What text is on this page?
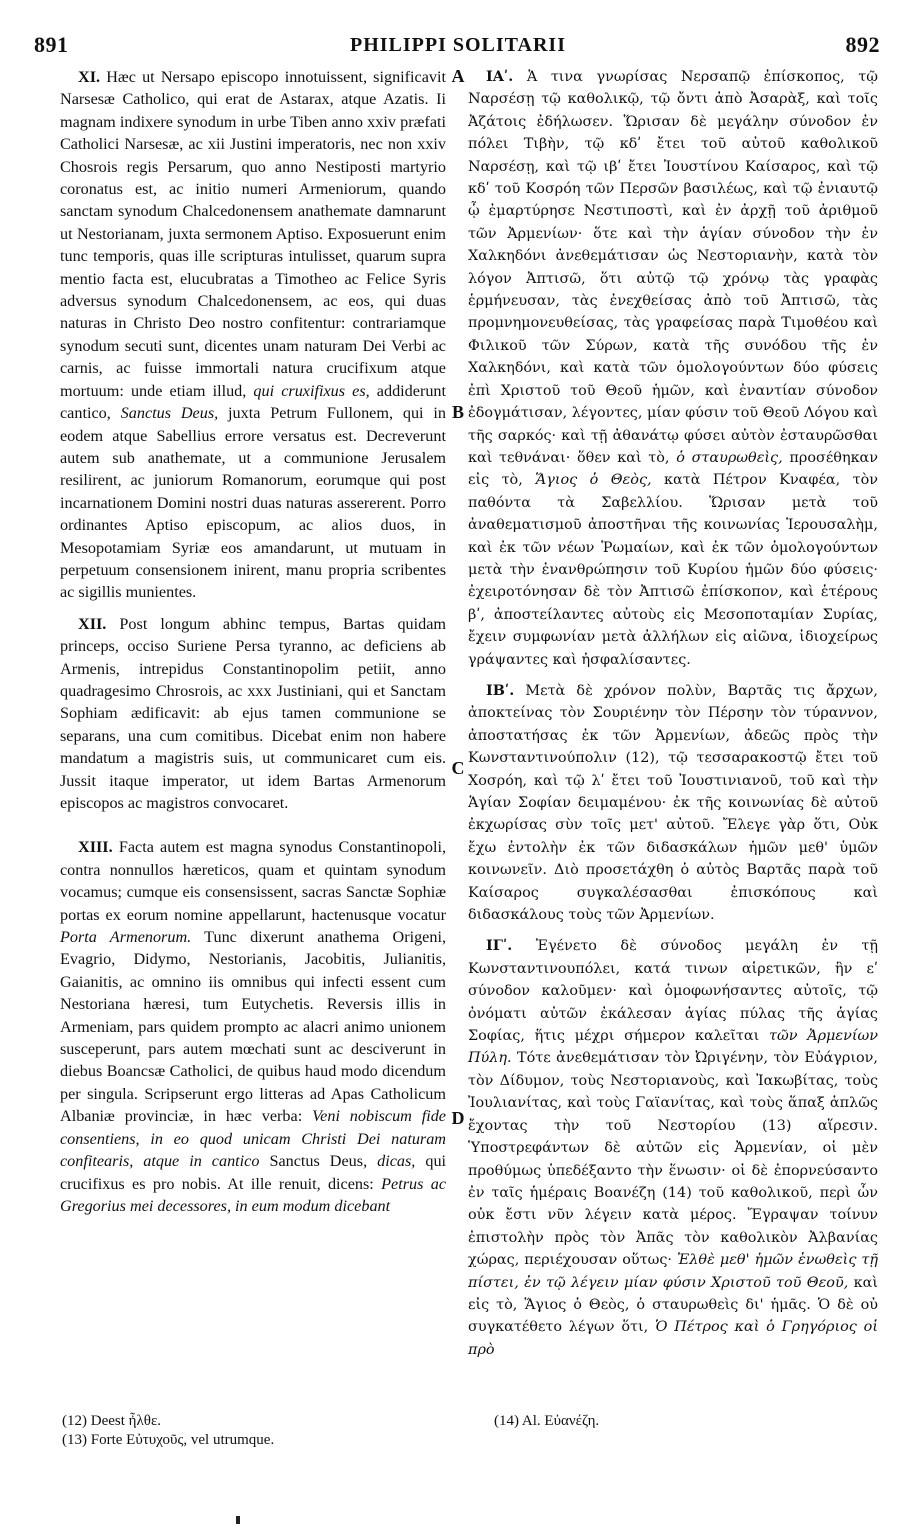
891	PHILIPPI SOLITARII	892

XI. Hæc ut Nersapo episcopo innotuissent, significavit Narsesæ Catholico, qui erat de Astarax, atque Azatis. Ii magnam indixere synodum in urbe Tiben anno xxiv præfati Catholici Narsesæ, ac xii Justini imperatoris, nec non xxiv Chosrois regis Persarum, quo anno Nestiposti martyrio coronatus est, ac initio numeri Armeniorum, quando sanctam synodum Chalcedonensem anathemate damnarunt ut Nestorianam, juxta sermonem Aptiso. Exposuerunt enim tunc temporis, quas ille scripturas intulisset, quarum supra mentio facta est, elucubratas a Timotheo ac Felice Syris adversus synodum Chalcedonensem, ac eos, qui duas naturas in Christo Deo nostro confitentur: contrariamque synodum secuti sunt, dicentes unam naturam Dei Verbi ac carnis, ac fuisse immortali natura crucifixum atque mortuum: unde etiam illud, qui cruxifixus es, addiderunt cantico, Sanctus Deus, juxta Petrum Fullonem, qui in eodem atque Sabellius errore versatus est. Decreverunt autem sub anathemate, ut a communione Jerusalem resilirent, ac juniorum Romanorum, eorumque qui post incarnationem Domini nostri duas naturas assererent. Porro ordinantes Aptiso episcopum, ac alios duos, in Mesopotamiam Syriæ eos amandarunt, ut mutuam in perpetuum consensionem inirent, manu propria scribentes ac sigillis munientes.

XII. Post longum abhinc tempus, Bartas quidam princeps, occiso Suriene Persa tyranno, ac deficiens ab Armenis, intrepidus Constantinopolim petiit, anno quadragesimo Chrosrois, ac xxx Justiniani, qui et Sanctam Sophiam ædificavit: ab ejus tamen communione se separans, una cum comitibus. Dicebat enim non habere mandatum a magistris suis, ut communicaret cum eis. Jussit itaque imperator, ut idem Bartas Armenorum episcopos ac magistros convocaret.

XIII. Facta autem est magna synodus Constantinopoli, contra nonnullos hæreticos, quam et quintam synodum vocamus; cumque eis consensissent, sacras Sanctæ Sophiæ portas ex eorum nomine appellarunt, hactenusque vocatur Porta Armenorum. Tunc dixerunt anathema Origeni, Evagrio, Didymo, Nestorianis, Jacobitis, Julianitis, Gaianitis, ac omnino iis omnibus qui infecti essent cum Nestoriana hæresi, tum Eutychetis. Reversis illis in Armeniam, pars quidem prompto ac alacri animo unionem susceperunt, pars autem mœchati sunt ac desciverunt in diebus Boancsæ Catholici, de quibus haud modo dicendum per singula. Scripserunt ergo litteras ad Apas Catholicum Albaniæ provinciæ, in hæc verba: Veni nobiscum fide consentiens, in eo quod unicam Christi Dei naturam confitearis, atque in cantico Sanctus Deus, dicas, qui crucifixus es pro nobis. At ille renuit, dicens: Petrus ac Gregorius mei decessores, in eum modum dicebant

A
B
C
D

ΙΑʹ. Ἁ τινα γνωρίσας Νερσαπῷ ἐπίσκοπος, τῷ Ναρσέσῃ τῷ καθολικῷ, τῷ ὄντι ἀπὸ Ἀσαρὰξ, καὶ τοῖς Ἀζάτοις ἐδήλωσεν. Ὥρισαν δὲ μεγάλην σύνοδον ἐν πόλει Τιβὴν, τῷ κδʹ ἔτει τοῦ αὐτοῦ καθολικοῦ Ναρσέσῃ, καὶ τῷ ιβʹ ἔτει Ἰουστίνου Καίσαρος, καὶ τῷ κδʹ τοῦ Κοσρόη τῶν Περσῶν βασιλέως, καὶ τῷ ἐνιαυτῷ ᾧ ἐμαρτύρησε Νεστιποστὶ, καὶ ἐν ἀρχῇ τοῦ ἀριθμοῦ τῶν Ἀρμενίων· ὅτε καὶ τὴν ἁγίαν σύνοδον τὴν ἐν Χαλκηδόνι ἀνεθεμάτισαν ὡς Νεστοριανὴν, κατὰ τὸν λόγον Ἀπτισῶ, ὅτι αὐτῷ τῷ χρόνῳ τὰς γραφὰς ἑρμήνευσαν, τὰς ἐνεχθείσας ἀπὸ τοῦ Ἀπτισῶ, τὰς προμνημονευθείσας, τὰς γραφείσας παρὰ Τιμοθέου καὶ Φιλικοῦ τῶν Σύρων, κατὰ τῆς συνόδου τῆς ἐν Χαλκηδόνι, καὶ κατὰ τῶν ὁμολογούντων δύο φύσεις ἐπὶ Χριστοῦ τοῦ Θεοῦ ἡμῶν, καὶ ἐναντίαν σύνοδον ἐδογμάτισαν, λέγοντες, μίαν φύσιν τοῦ Θεοῦ Λόγου καὶ τῆς σαρκός· καὶ τῇ ἀθανάτῳ φύσει αὐτὸν ἐσταυρῶσθαι καὶ τεθνάναι· ὅθεν καὶ τὸ, ὁ σταυρωθεὶς, προσέθηκαν εἰς τὸ, Ἅγιος ὁ Θεὸς, κατὰ Πέτρον Κναφέα, τὸν παθόντα τὰ Σαβελλίου. Ὥρισαν μετὰ τοῦ ἀναθεματισμοῦ ἀποστῆναι τῆς κοινωνίας Ἱερουσαλὴμ, καὶ ἐκ τῶν νέων Ῥωμαίων, καὶ ἐκ τῶν ὁμολογούντων μετὰ τὴν ἐνανθρώπησιν τοῦ Κυρίου ἡμῶν δύο φύσεις· ἐχειροτόνησαν δὲ τὸν Ἀπτισῶ ἐπίσκοπον, καὶ ἑτέρους βʹ, ἀποστείλαντες αὐτοὺς εἰς Μεσοποταμίαν Συρίας, ἔχειν συμφωνίαν μετὰ ἀλλήλων εἰς αἰῶνα, ἰδιοχείρως γράψαντες καὶ ἠσφαλίσαντες.

ΙΒʹ. Μετὰ δὲ χρόνον πολὺν, Βαρτᾶς τις ἄρχων, ἀποκτείνας τὸν Σουριένην τὸν Πέρσην τὸν τύραννον, ἀποστατήσας ἐκ τῶν Ἀρμενίων, ἀδεῶς πρὸς τὴν Κωνσταντινούπολιν (12), τῷ τεσσαρακοστῷ ἔτει τοῦ Χοσρόη, καὶ τῷ λʹ ἔτει τοῦ Ἰουστινιανοῦ, τοῦ καὶ τὴν Ἁγίαν Σοφίαν δειμαμένου· ἐκ τῆς κοινωνίας δὲ αὐτοῦ ἐκχωρίσας σὺν τοῖς μετ' αὐτοῦ. Ἔλεγε γὰρ ὅτι, Οὐκ ἔχω ἐντολὴν ἐκ τῶν διδασκάλων ἡμῶν μεθ' ὑμῶν κοινωνεῖν. Διὸ προσετάχθη ὁ αὐτὸς Βαρτᾶς παρὰ τοῦ Καίσαρος συγκαλέσασθαι ἐπισκόπους καὶ διδασκάλους τοὺς τῶν Ἀρμενίων.

ΙΓʹ. Ἐγένετο δὲ σύνοδος μεγάλη ἐν τῇ Κωνσταντινουπόλει, κατά τινων αἱρετικῶν, ἣν εʹ σύνοδον καλοῦμεν· καὶ ὁμοφωνήσαντες αὐτοῖς, τῷ ὀνόματι αὐτῶν ἐκάλεσαν ἁγίας πύλας τῆς ἁγίας Σοφίας, ἥτις μέχρι σήμερον καλεῖται τῶν Ἀρμενίων Πύλη. Τότε ἀνεθεμάτισαν τὸν Ὠριγένην, τὸν Εὐάγριον, τὸν Δίδυμον, τοὺς Νεστοριανοὺς, καὶ Ἰακωβίτας, τοὺς Ἰουλιανίτας, καὶ τοὺς Γαϊανίτας, καὶ τοὺς ἅπαξ ἁπλῶς ἔχοντας τὴν τοῦ Νεστορίου (13) αἵρεσιν. Ὑποστρεφάντων δὲ αὐτῶν εἰς Ἀρμενίαν, οἱ μὲν προθύμως ὑπεδέξαντο τὴν ἕνωσιν· οἱ δὲ ἐπορνεύσαντο ἐν ταῖς ἡμέραις Βοανέζη (14) τοῦ καθολικοῦ, περὶ ὧν οὐκ ἔστι νῦν λέγειν κατὰ μέρος. Ἔγραψαν τοίνυν ἐπιστολὴν πρὸς τὸν Ἀπᾶς τὸν καθολικὸν Ἀλβανίας χώρας, περιέχουσαν οὕτως· Ἐλθὲ μεθ' ἡμῶν ἑνωθεὶς τῇ πίστει, ἐν τῷ λέγειν μίαν φύσιν Χριστοῦ τοῦ Θεοῦ, καὶ εἰς τὸ, Ἅγιος ὁ Θεὸς, ὁ σταυρωθεὶς δι' ἡμᾶς. Ὁ δὲ οὐ συγκατέθετο λέγων ὅτι, Ὁ Πέτρος καὶ ὁ Γρηγόριος οἱ πρὸ

(12) Deest ἦλθε.
(13) Forte Εὐτυχοῦς, vel utrumque.
(14) Al. Εὐανέζη.
